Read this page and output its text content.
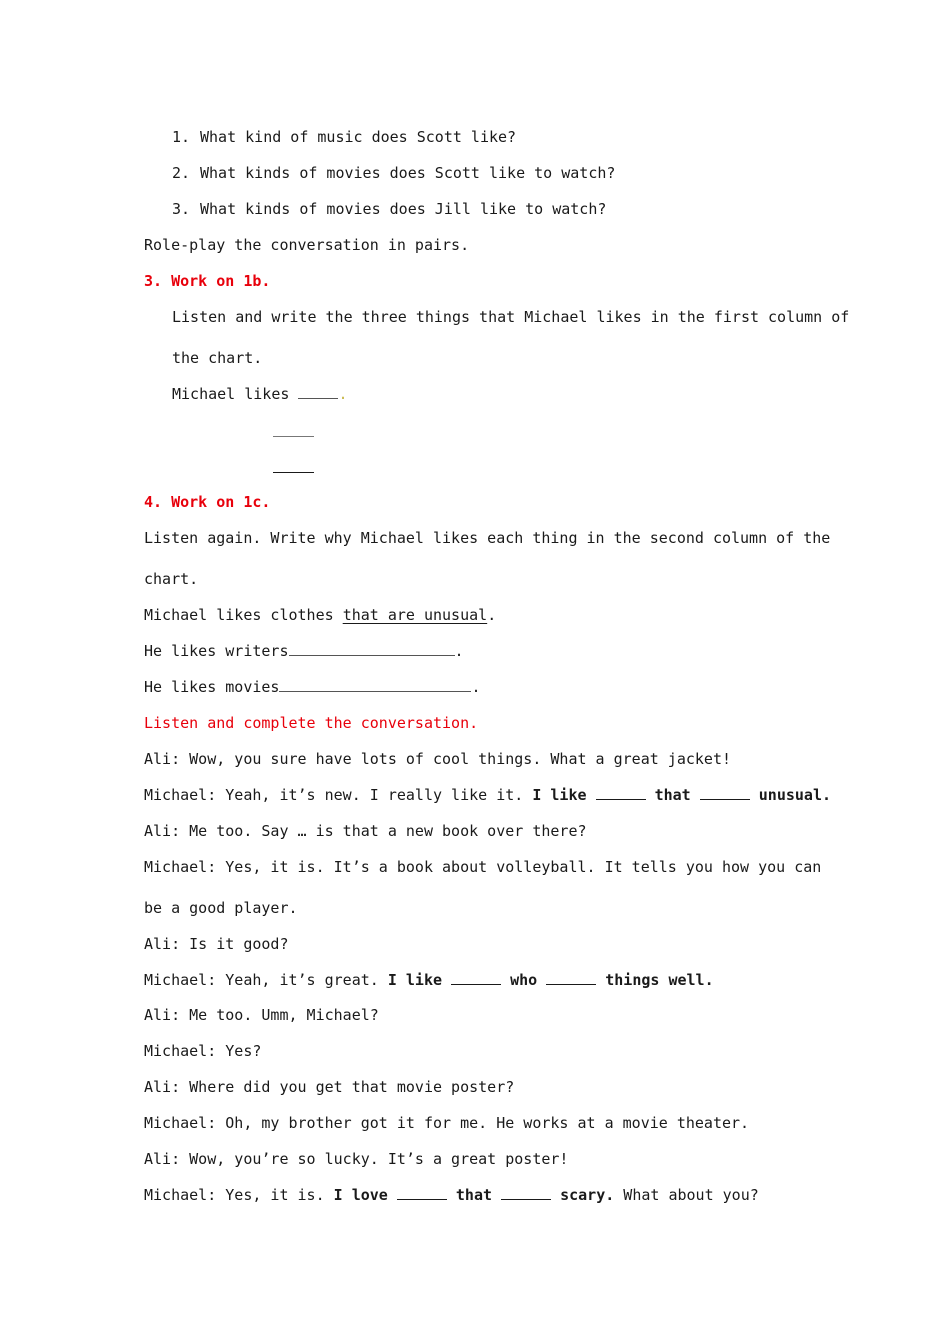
1. What kind of music does Scott like?
2. What kinds of movies does Scott like to watch?
3. What kinds of movies does Jill like to watch?
Role-play the conversation in pairs.
3. Work on 1b.
Listen and write the three things that Michael likes in the first column of
the chart.
Michael likes	.
4. Work on 1c.
Listen again. Write why Michael likes each thing in the second column of the
chart.
Michael likes clothes that are unusual.
He likes writers	.
He likes movies	.
Listen and complete the conversation.
Ali: Wow, you sure have lots of cool things. What a great jacket!
Michael: Yeah, it’s new. I really like it. I like	that	unusual.
Ali: Me too. Say … is that a new book over there?
Michael: Yes, it is. It’s a book about volleyball. It tells you how you can
be a good player.
Ali: Is it good?
Michael: Yeah, it’s great. I like	who	things well.
Ali: Me too. Umm, Michael?
Michael: Yes?
Ali: Where did you get that movie poster?
Michael: Oh, my brother got it for me. He works at a movie theater.
Ali: Wow, you’re so lucky. It’s a great poster!
Michael: Yes, it is. I love	that	scary. What about you?
